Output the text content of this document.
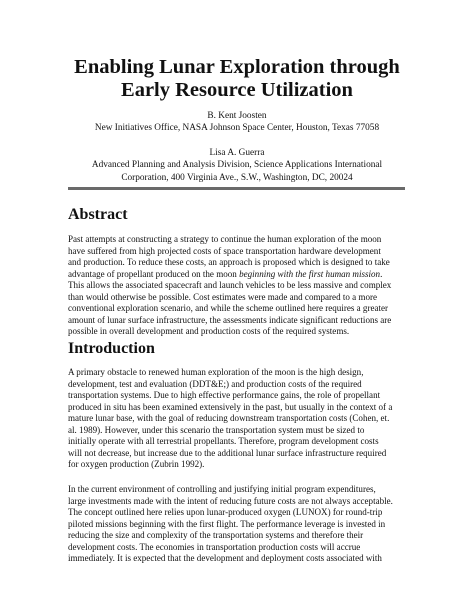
Enabling Lunar Exploration through
Early Resource Utilization
B. Kent Joosten
New Initiatives Office, NASA Johnson Space Center, Houston, Texas 77058
Lisa A. Guerra
Advanced Planning and Analysis Division, Science Applications International
Corporation, 400 Virginia Ave., S.W., Washington, DC, 20024
Abstract
Past attempts at constructing a strategy to continue the human exploration of the moon
have suffered from high projected costs of space transportation hardware development
and production. To reduce these costs, an approach is proposed which is designed to take
advantage of propellant produced on the moon beginning with the first human mission.
This allows the associated spacecraft and launch vehicles to be less massive and complex
than would otherwise be possible. Cost estimates were made and compared to a more
conventional exploration scenario, and while the scheme outlined here requires a greater
amount of lunar surface infrastructure, the assessments indicate significant reductions are
possible in overall development and production costs of the required systems.
Introduction
A primary obstacle to renewed human exploration of the moon is the high design,
development, test and evaluation (DDT&E;) and production costs of the required
transportation systems. Due to high effective performance gains, the role of propellant
produced in situ has been examined extensively in the past, but usually in the context of a
mature lunar base, with the goal of reducing downstream transportation costs (Cohen, et.
al. 1989). However, under this scenario the transportation system must be sized to
initially operate with all terrestrial propellants. Therefore, program development costs
will not decrease, but increase due to the additional lunar surface infrastructure required
for oxygen production (Zubrin 1992).
In the current environment of controlling and justifying initial program expenditures,
large investments made with the intent of reducing future costs are not always acceptable.
The concept outlined here relies upon lunar-produced oxygen (LUNOX) for round-trip
piloted missions beginning with the first flight. The performance leverage is invested in
reducing the size and complexity of the transportation systems and therefore their
development costs. The economies in transportation production costs will accrue
immediately. It is expected that the development and deployment costs associated with
